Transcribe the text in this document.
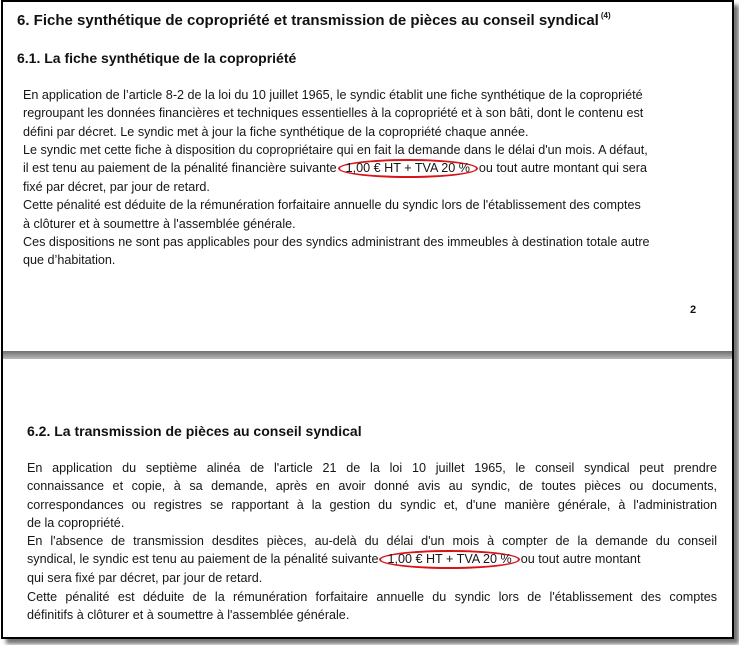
6. Fiche synthétique de copropriété et transmission de pièces au conseil syndical $^{(4)}$
6.1. La fiche synthétique de la copropriété
En application de l’article 8-2 de la loi du 10 juillet 1965, le syndic établit une fiche synthétique de la copropriété
regroupant les données financières et techniques essentielles à la copropriété et à son bâti, dont le contenu est
défini par décret. Le syndic met à jour la fiche synthétique de la copropriété chaque année.
Le syndic met cette fiche à disposition du copropriétaire qui en fait la demande dans le délai d'un mois. A défaut,
il est tenu au paiement de la pénalité financière suivante 1,00 € HT + TVA 20 % ou tout autre montant qui sera
fixé par décret, par jour de retard.
Cette pénalité est déduite de la rémunération forfaitaire annuelle du syndic lors de l'établissement des comptes
à clôturer et à soumettre à l'assemblée générale.
Ces dispositions ne sont pas applicables pour des syndics administrant des immeubles à destination totale autre
que d’habitation.
2
6.2. La transmission de pièces au conseil syndical
En application du septième alinéa de l'article 21 de la loi 10 juillet 1965, le conseil syndical peut prendre
connaissance et copie, à sa demande, après en avoir donné avis au syndic, de toutes pièces ou documents,
correspondances ou registres se rapportant à la gestion du syndic et, d'une manière générale, à l'administration
de la copropriété.
En l'absence de transmission desdites pièces, au-delà du délai d'un mois à compter de la demande du conseil
syndical, le syndic est tenu au paiement de la pénalité suivante 1,00 € HT + TVA 20 % ou tout autre montant
qui sera fixé par décret, par jour de retard.
Cette pénalité est déduite de la rémunération forfaitaire annuelle du syndic lors de l'établissement des comptes
définitifs à clôturer et à soumettre à l'assemblée générale.
